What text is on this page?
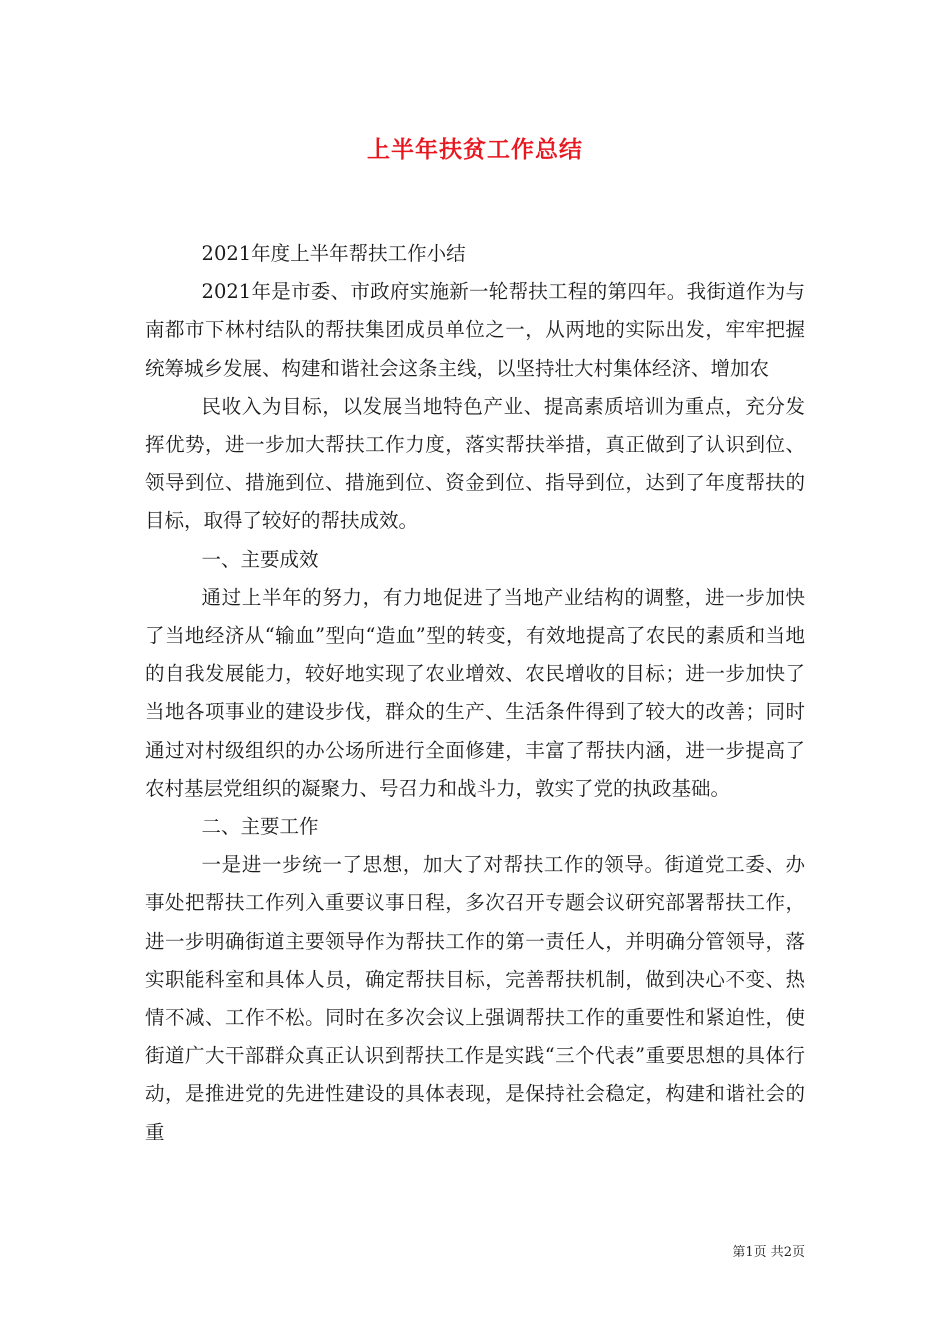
上半年扶贫工作总结

2021年度上半年帮扶工作小结

2021年是市委、市政府实施新一轮帮扶工程的第四年。我街道作为与南都市下林村结队的帮扶集团成员单位之一，从两地的实际出发，牢牢把握统筹城乡发展、构建和谐社会这条主线，以坚持壮大村集体经济、增加农

民收入为目标，以发展当地特色产业、提高素质培训为重点，充分发挥优势，进一步加大帮扶工作力度，落实帮扶举措，真正做到了认识到位、领导到位、措施到位、措施到位、资金到位、指导到位，达到了年度帮扶的目标，取得了较好的帮扶成效。

一、主要成效

通过上半年的努力，有力地促进了当地产业结构的调整，进一步加快了当地经济从“输血”型向“造血”型的转变，有效地提高了农民的素质和当地的自我发展能力，较好地实现了农业增效、农民增收的目标；进一步加快了当地各项事业的建设步伐，群众的生产、生活条件得到了较大的改善；同时通过对村级组织的办公场所进行全面修建，丰富了帮扶内涵，进一步提高了农村基层党组织的凝聚力、号召力和战斗力，敦实了党的执政基础。

二、主要工作

一是进一步统一了思想，加大了对帮扶工作的领导。街道党工委、办事处把帮扶工作列入重要议事日程，多次召开专题会议研究部署帮扶工作，进一步明确街道主要领导作为帮扶工作的第一责任人，并明确分管领导，落实职能科室和具体人员，确定帮扶目标，完善帮扶机制，做到决心不变、热情不减、工作不松。同时在多次会议上强调帮扶工作的重要性和紧迫性，使街道广大干部群众真正认识到帮扶工作是实践“三个代表”重要思想的具体行动，是推进党的先进性建设的具体表现，是保持社会稳定，构建和谐社会的重

第1页 共2页
